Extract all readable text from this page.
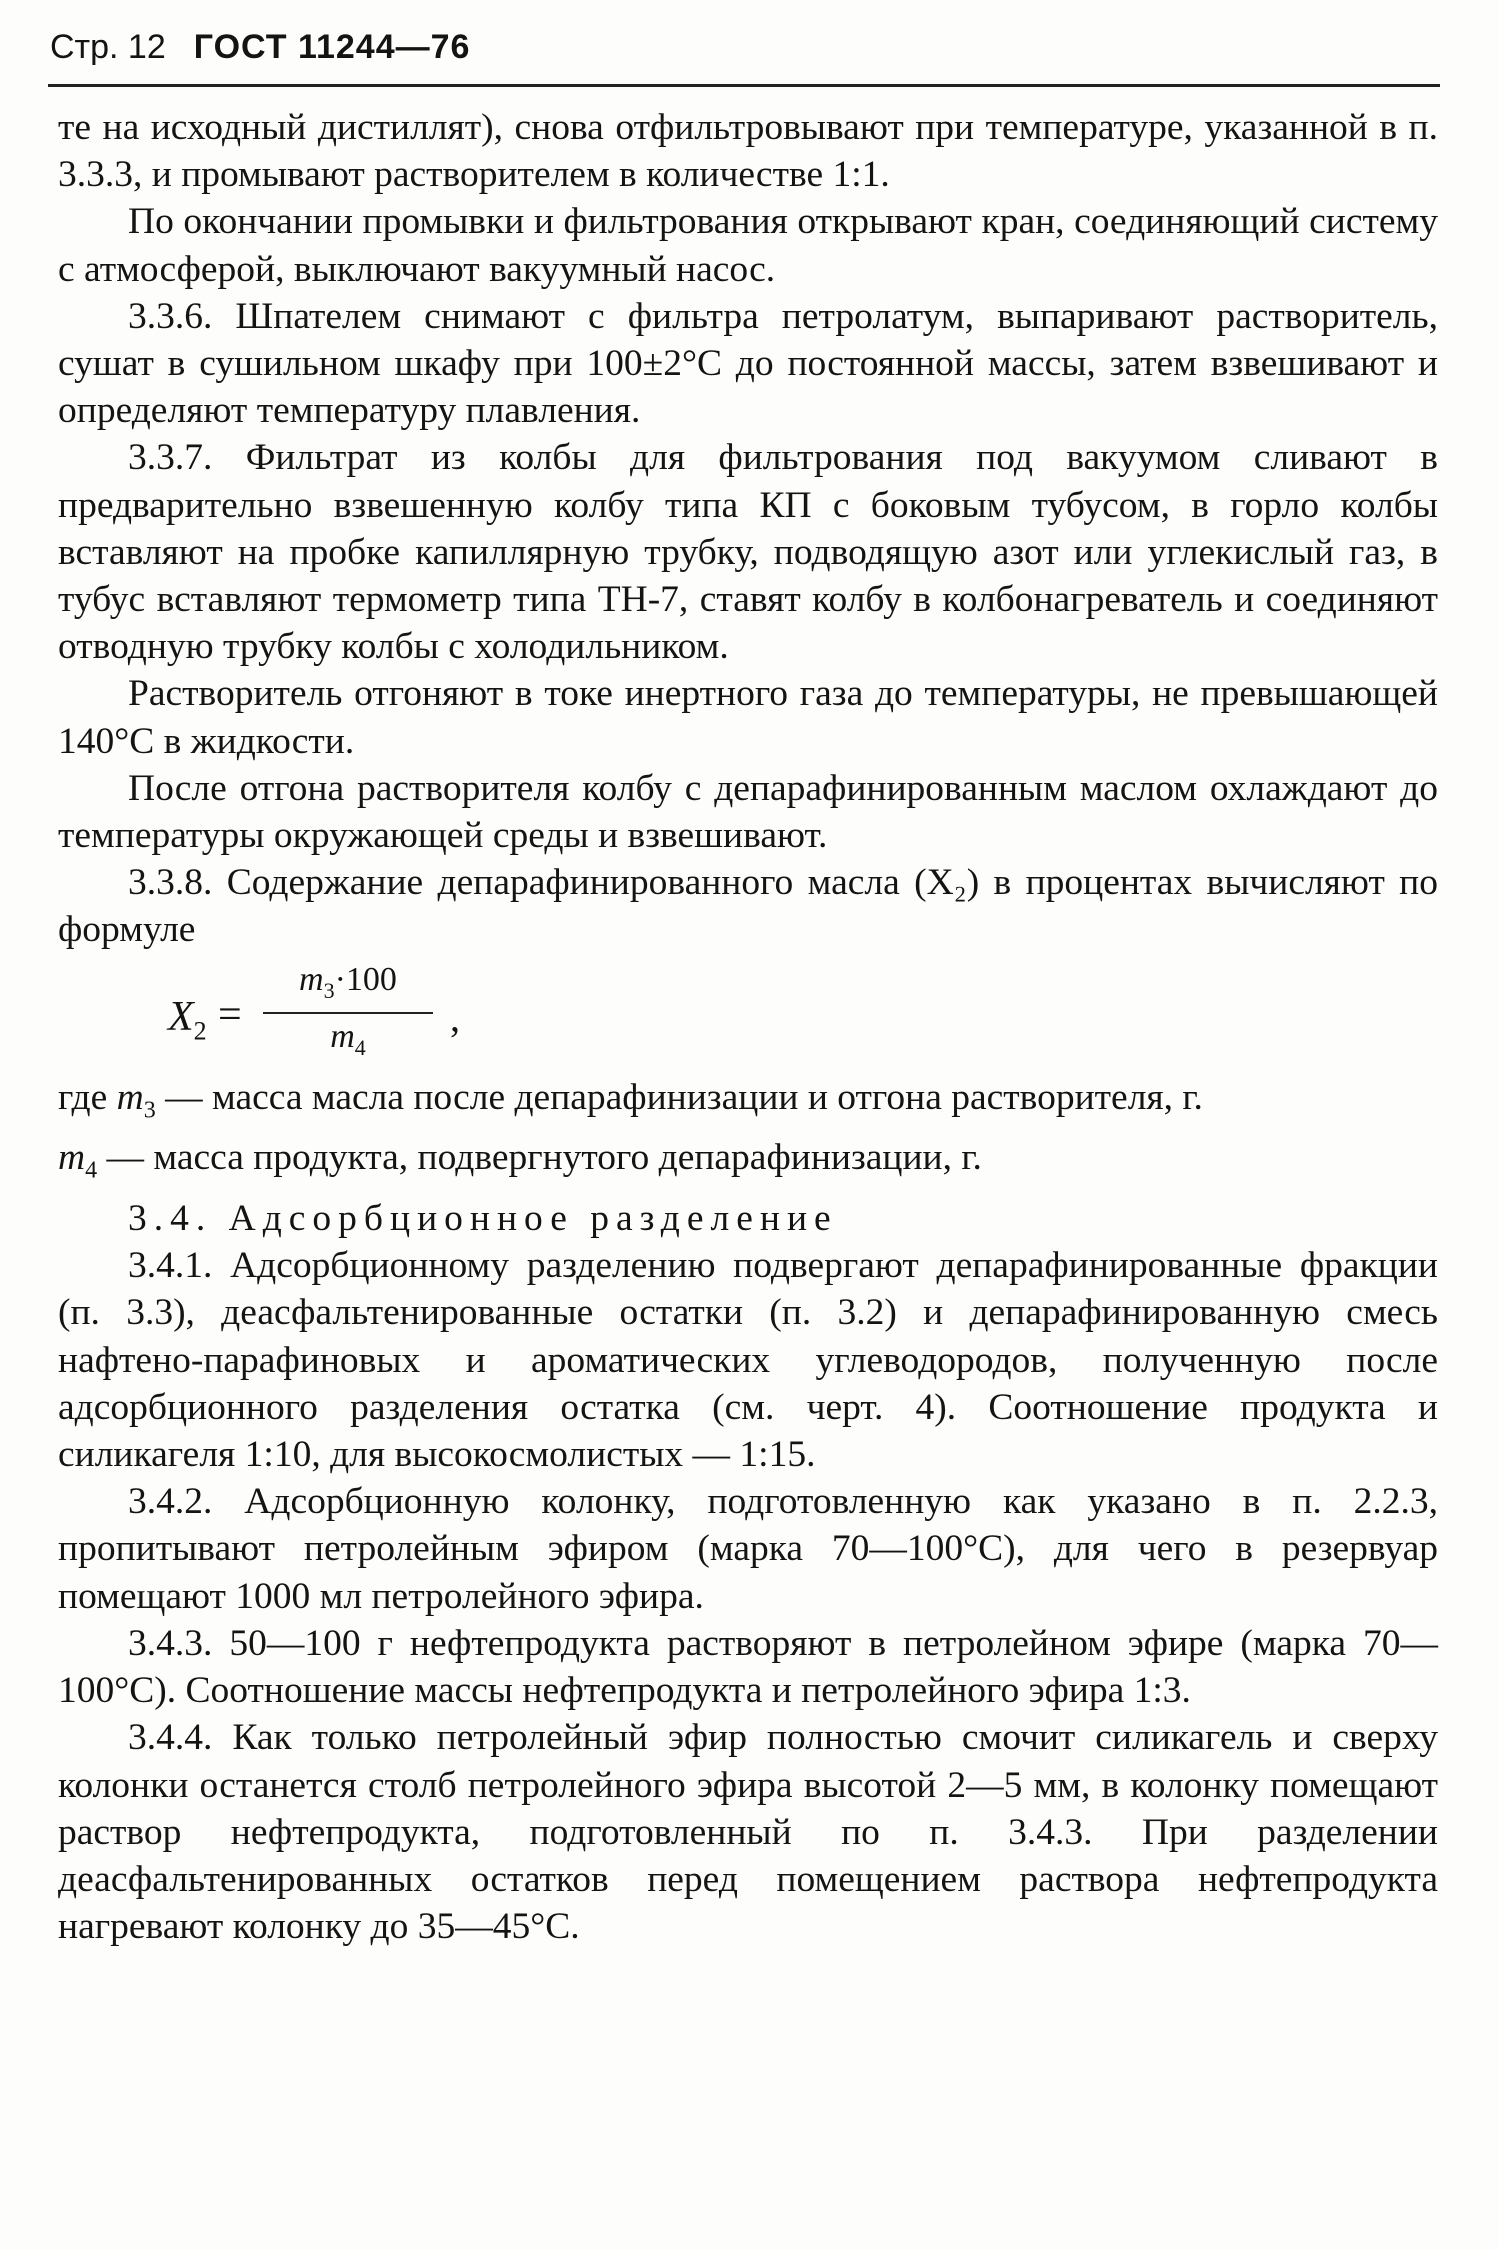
Стр. 12 ГОСТ 11244—76

те на исходный дистиллят), снова отфильтровывают при температуре, указанной в п. 3.3.3, и промывают растворителем в количестве 1:1.

По окончании промывки и фильтрования открывают кран, соединяющий систему с атмосферой, выключают вакуумный насос.

3.3.6. Шпателем снимают с фильтра петролатум, выпаривают растворитель, сушат в сушильном шкафу при 100±2°С до постоянной массы, затем взвешивают и определяют температуру плавления.

3.3.7. Фильтрат из колбы для фильтрования под вакуумом сливают в предварительно взвешенную колбу типа КП с боковым тубусом, в горло колбы вставляют на пробке капиллярную трубку, подводящую азот или углекислый газ, в тубус вставляют термометр типа ТН-7, ставят колбу в колбонагреватель и соединяют отводную трубку колбы с холодильником.

Растворитель отгоняют в токе инертного газа до температуры, не превышающей 140°С в жидкости.

После отгона растворителя колбу с депарафинированным маслом охлаждают до температуры окружающей среды и взвешивают.

3.3.8. Содержание депарафинированного масла (X₂) в процентах вычисляют по формуле

$X_2 = \frac{m_3\cdot 100}{m_4}$ ,
где
$m_3$
— масса масла после депарафинизации и отгона растворителя, г.

$m_4$ — масса продукта, подвергнутого депарафинизации, г.

3.4. Адсорбционное разделение

3.4.1. Адсорбционному разделению подвергают депарафинированные фракции (п. 3.3), деасфальтенированные остатки (п. 3.2) и депарафинированную смесь нафтено-парафиновых и ароматических углеводородов, полученную после адсорбционного разделения остатка (см. черт. 4). Соотношение продукта и силикагеля 1:10, для высокосмолистых — 1:15.

3.4.2. Адсорбционную колонку, подготовленную как указано в п. 2.2.3, пропитывают петролейным эфиром (марка 70—100°С), для чего в резервуар помещают 1000 мл петролейного эфира.

3.4.3. 50—100 г нефтепродукта растворяют в петролейном эфире (марка 70—100°С). Соотношение массы нефтепродукта и петролейного эфира 1:3.

3.4.4. Как только петролейный эфир полностью смочит силикагель и сверху колонки останется столб петролейного эфира высотой 2—5 мм, в колонку помещают раствор нефтепродукта, подготовленный по п. 3.4.3. При разделении деасфальтенированных остатков перед помещением раствора нефтепродукта нагревают колонку до 35—45°С.
